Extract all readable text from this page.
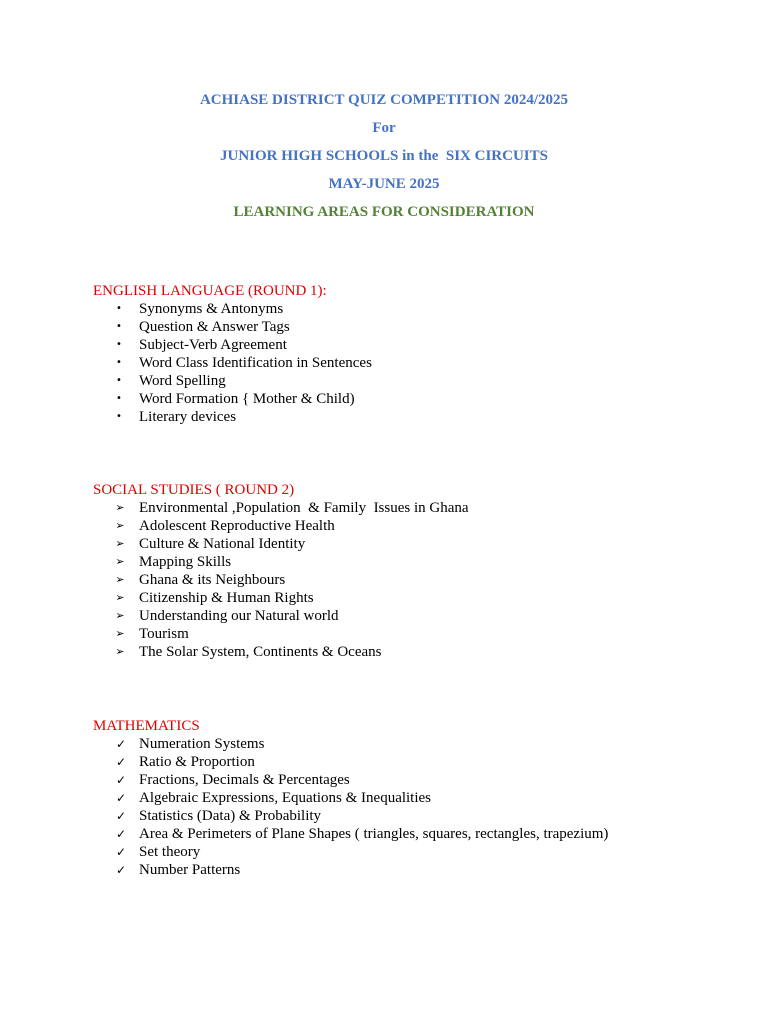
ACHIASE DISTRICT QUIZ COMPETITION 2024/2025
For
JUNIOR HIGH SCHOOLS in the  SIX CIRCUITS
MAY-JUNE 2025
LEARNING AREAS FOR CONSIDERATION
ENGLISH LANGUAGE (ROUND 1):
• Synonyms & Antonyms
• Question & Answer Tags
• Subject-Verb Agreement
• Word Class Identification in Sentences
• Word Spelling
• Word Formation { Mother & Child)
• Literary devices
SOCIAL STUDIES ( ROUND 2)
➢ Environmental ,Population  & Family  Issues in Ghana
➢ Adolescent Reproductive Health
➢ Culture & National Identity
➢ Mapping Skills
➢ Ghana & its Neighbours
➢ Citizenship & Human Rights
➢ Understanding our Natural world
➢ Tourism
➢ The Solar System, Continents & Oceans
MATHEMATICS
✓ Numeration Systems
✓ Ratio & Proportion
✓ Fractions, Decimals & Percentages
✓ Algebraic Expressions, Equations & Inequalities
✓ Statistics (Data) & Probability
✓ Area & Perimeters of Plane Shapes ( triangles, squares, rectangles, trapezium)
✓ Set theory
✓ Number Patterns
